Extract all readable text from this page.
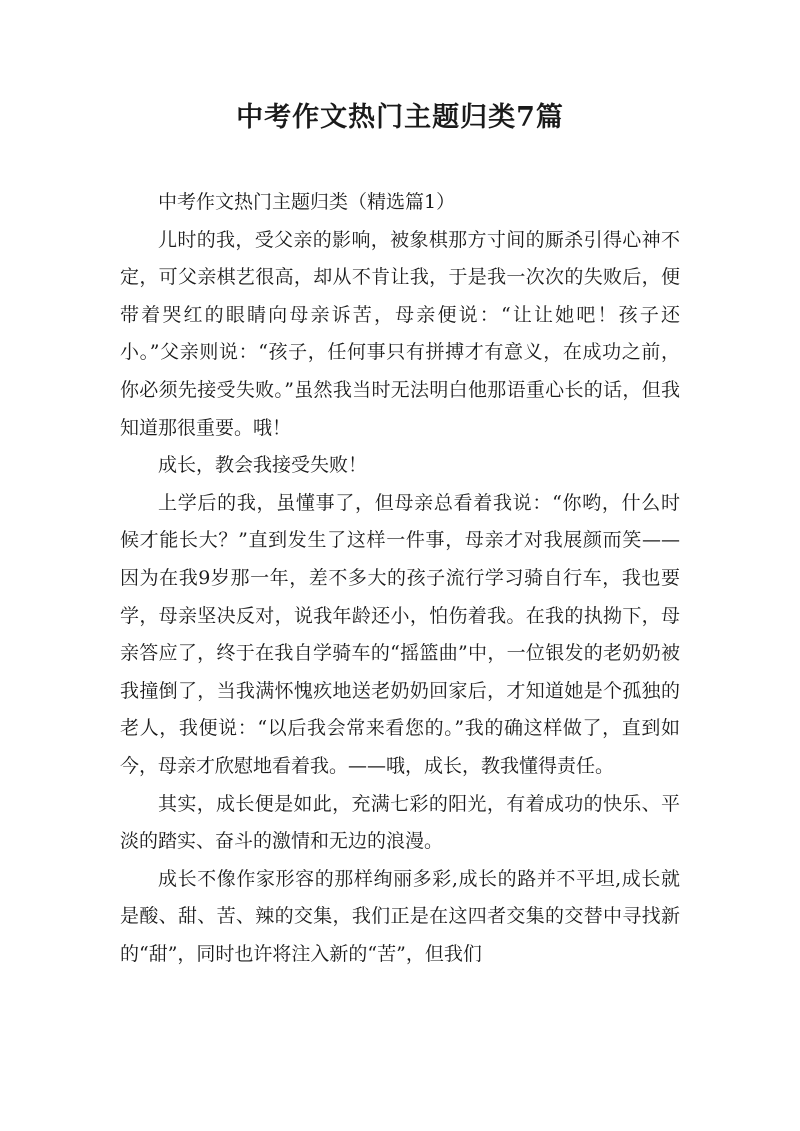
中考作文热门主题归类7篇

中考作文热门主题归类（精选篇1）

儿时的我，受父亲的影响，被象棋那方寸间的厮杀引得心神不定，可父亲棋艺很高，却从不肯让我，于是我一次次的失败后，便带着哭红的眼睛向母亲诉苦，母亲便说：“让让她吧！孩子还小。”父亲则说：“孩子，任何事只有拼搏才有意义，在成功之前，你必须先接受失败。”虽然我当时无法明白他那语重心长的话，但我知道那很重要。哦！

成长，教会我接受失败！

上学后的我，虽懂事了，但母亲总看着我说：“你哟，什么时候才能长大？”直到发生了这样一件事，母亲才对我展颜而笑——因为在我9岁那一年，差不多大的孩子流行学习骑自行车，我也要学，母亲坚决反对，说我年龄还小，怕伤着我。在我的执拗下，母亲答应了，终于在我自学骑车的“摇篮曲”中，一位银发的老奶奶被我撞倒了，当我满怀愧疚地送老奶奶回家后，才知道她是个孤独的老人，我便说：“以后我会常来看您的。”我的确这样做了，直到如今，母亲才欣慰地看着我。——哦，成长，教我懂得责任。

其实，成长便是如此，充满七彩的阳光，有着成功的快乐、平淡的踏实、奋斗的激情和无边的浪漫。

成长不像作家形容的那样绚丽多彩,成长的路并不平坦,成长就是酸、甜、苦、辣的交集，我们正是在这四者交集的交替中寻找新的“甜”，同时也许将注入新的“苦”，但我们
